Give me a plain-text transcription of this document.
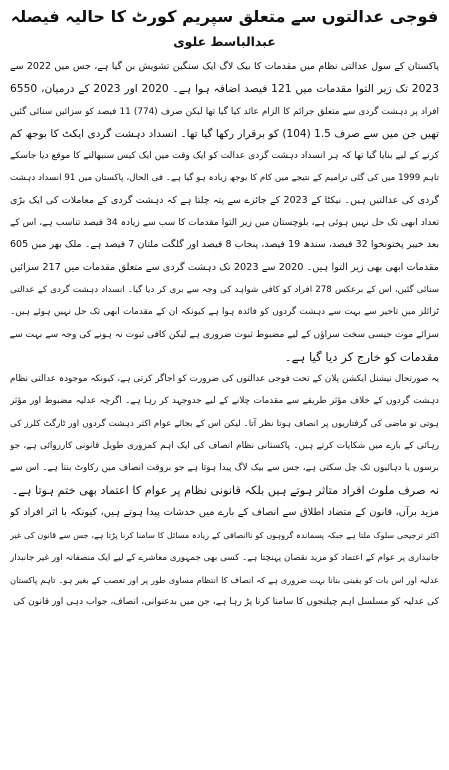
فوجی عدالتوں سے متعلق سپریم کورٹ کا حالیہ فیصلہ
عبدالباسط علوی
پاکستان کے سول عدالتی نظام میں مقدمات کا بیک لاگ ایک سنگین تشویش بن گیا ہے، جس میں 2022 سے
2023 تک زیر التوا مقدمات میں 121 فیصد اضافہ ہوا ہے۔ 2020 اور 2023 کے درمیان، 6550
افراد پر دہشت گردی سے متعلق جرائم کا الزام عائد کیا گیا تھا لیکن صرف (774) 11 فیصد کو سزائیں سنائی گئیں
تھیں جن میں سے صرف 1.5 (104) کو برقرار رکھا گیا تھا۔ انسداد دہشت گردی ایکٹ کا بوجھ کم
کرنے کے لیے بنایا گیا تھا کہ ہر انسداد دہشت گردی عدالت کو ایک وقت میں ایک کیس سنبھالنے کا موقع دیا جاسکے
تاہم 1999 میں کی گئی ترامیم کے نتیجے میں کام کا بوجھ زیادہ ہو گیا ہے۔ فی الحال، پاکستان میں 91 انسداد دہشت
گردی کی عدالتیں ہیں۔ نیکٹا کے 2023 کے جائزے سے پتہ چلتا ہے کہ دہشت گردی کے معاملات کی ایک بڑی
تعداد ابھی تک حل نہیں ہوئی ہے، بلوچستان میں زیر التوا مقدمات کا سب سے زیادہ 34 فیصد تناسب ہے، اس کے
بعد خیبر پختونخوا 32 فیصد، سندھ 19 فیصد، پنجاب 8 فیصد اور گلگت ملتان 7 فیصد ہے۔ ملک بھر میں 605
مقدمات ابھی بھی زیر التوا ہیں۔ 2020 سے 2023 تک دہشت گردی سے متعلق مقدمات میں 217 سزائیں
سنائی گئیں، اس کے برعکس 278 افراد کو کافی شواہد کی وجہ سے بری کر دیا گیا۔ انسداد دہشت گردی کے عدالتی
ٹرائلز میں تاخیر سے بہت سے دہشت گردوں کو فائدہ ہوا ہے کیونکہ ان کے مقدمات ابھی تک حل نہیں ہوئے ہیں۔
سزائے موت جیسی سخت سزاؤں کے لیے مضبوط ثبوت ضروری ہے لیکن کافی ثبوت نہ ہونے کی وجہ سے بہت سے
مقدمات کو خارج کر دیا گیا ہے۔
یہ صورتحال نیشنل ایکشن پلان کے تحت فوجی عدالتوں کی ضرورت کو اجاگر کرتی ہے، کیونکہ موجودہ عدالتی نظام
دہشت گردوں کے خلاف مؤثر طریقے سے مقدمات چلانے کے لیے جدوجہد کر رہا ہے۔ اگرچہ عدلیہ مضبوط اور مؤثر
ہوتی تو ماضی کی گرفتاریوں پر انصاف ہوتا نظر آتا۔ لیکن اس کے بجائے عوام اکثر دہشت گردوں اور ٹارگٹ کلرز کی
رہائی کے بارے میں شکایات کرتے ہیں۔ پاکستانی نظام انصاف کی ایک اہم کمزوری طویل قانونی کارروائی ہے، جو
برسوں یا دہائیوں تک چل سکتی ہے، جس سے بیک لاگ پیدا ہوتا ہے جو بروقت انصاف میں رکاوٹ بنتا ہے۔ اس سے
نہ صرف ملوث افراد متاثر ہوتے ہیں بلکہ قانونی نظام پر عوام کا اعتماد بھی ختم ہوتا ہے۔
مزید برآں، قانون کے متضاد اطلاق سے انصاف کے بارے میں خدشات پیدا ہوتے ہیں، کیونکہ با اثر افراد کو
اکثر ترجیحی سلوک ملتا ہے جبکہ پسماندہ گروہوں کو ناانصافی کے زیادہ مسائل کا سامنا کرنا پڑتا ہے، جس سے قانون کی غیر
جانبداری پر عوام کے اعتماد کو مزید نقصان پہنچتا ہے۔ کسی بھی جمہوری معاشرے کے لیے ایک منصفانہ اور غیر جانبدار
عدلیہ اور اس بات کو یقینی بنانا بہت ضروری ہے کہ انصاف کا انتظام مساوی طور پر اور تعصب کے بغیر ہو۔ تاہم پاکستان
کی عدلیہ کو مسلسل اہم چیلنجوں کا سامنا کرنا پڑ رہا ہے، جن میں بدعنوانی، انصاف، جواب دہی اور قانون کی
